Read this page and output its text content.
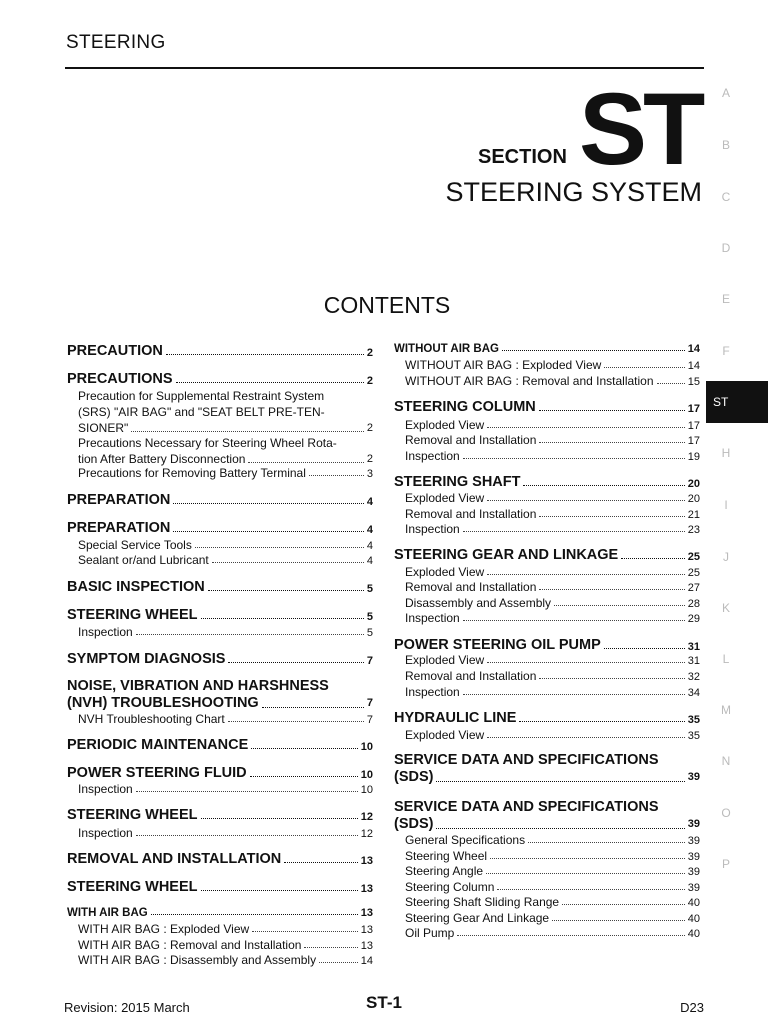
STEERING
SECTION ST
STEERING SYSTEM
CONTENTS
A
B
C
D
E
F
ST
H
I
J
K
L
M
N
O
P
PRECAUTION	2
PRECAUTIONS	2
Precaution for Supplemental Restraint System
(SRS) "AIR BAG" and "SEAT BELT PRE-TEN-
SIONER"	2
Precautions Necessary for Steering Wheel Rota-
tion After Battery Disconnection	2
Precautions for Removing Battery Terminal	3
PREPARATION	4
PREPARATION	4
Special Service Tools	4
Sealant or/and Lubricant	4
BASIC INSPECTION	5
STEERING WHEEL	5
Inspection	5
SYMPTOM DIAGNOSIS	7
NOISE, VIBRATION AND HARSHNESS
(NVH) TROUBLESHOOTING	7
NVH Troubleshooting Chart	7
PERIODIC MAINTENANCE	10
POWER STEERING FLUID	10
Inspection	10
STEERING WHEEL	12
Inspection	12
REMOVAL AND INSTALLATION	13
STEERING WHEEL	13
WITH AIR BAG	13
WITH AIR BAG : Exploded View	13
WITH AIR BAG : Removal and Installation	13
WITH AIR BAG : Disassembly and Assembly	14
WITHOUT AIR BAG	14
WITHOUT AIR BAG : Exploded View	14
WITHOUT AIR BAG : Removal and Installation	15
STEERING COLUMN	17
Exploded View	17
Removal and Installation	17
Inspection	19
STEERING SHAFT	20
Exploded View	20
Removal and Installation	21
Inspection	23
STEERING GEAR AND LINKAGE	25
Exploded View	25
Removal and Installation	27
Disassembly and Assembly	28
Inspection	29
POWER STEERING OIL PUMP	31
Exploded View	31
Removal and Installation	32
Inspection	34
HYDRAULIC LINE	35
Exploded View	35
SERVICE DATA AND SPECIFICATIONS
(SDS)	39
SERVICE DATA AND SPECIFICATIONS
(SDS)	39
General Specifications	39
Steering Wheel	39
Steering Angle	39
Steering Column	39
Steering Shaft Sliding Range	40
Steering Gear And Linkage	40
Oil Pump	40
Revision: 2015 March	ST-1	D23
